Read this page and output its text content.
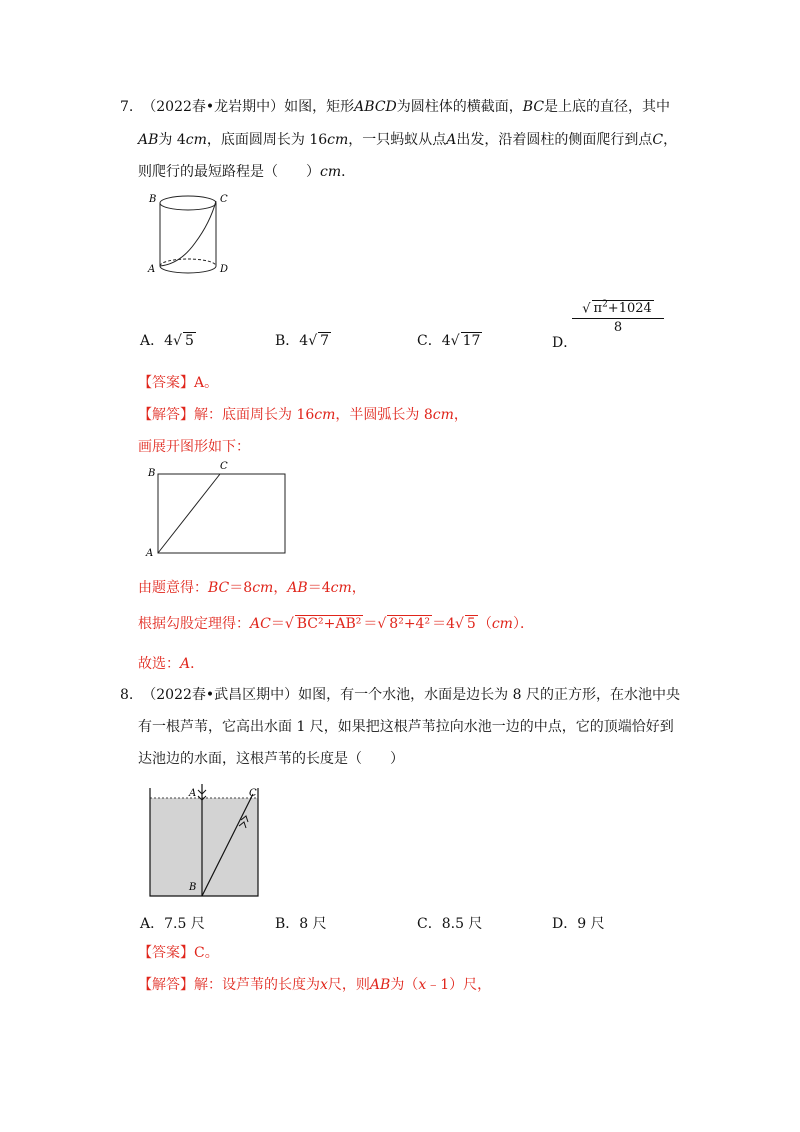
7. （2022春•龙岩期中）如图，矩形ABCD为圆柱体的横截面，BC是上底的直径，其中
AB为 4cm，底面圆周长为 16cm，一只蚂蚁从点A出发，沿着圆柱的侧面爬行到点C，
则爬行的最短路程是（　　）cm．
B	C
A	D
A．4√ 5	B．4√ 7	C．4√ 17	D．
√ $\pi^2+1024$
8
【答案】A。
【解答】解：底面周长为 16cm，半圆弧长为 8cm，
画展开图形如下：
B
C
A
由题意得：BC＝8cm，AB＝4cm，
根据勾股定理得：AC＝√ BC²+AB² ＝√ 8²+4² ＝4√ 5 （cm）．
故选：A．
8. （2022春•武昌区期中）如图，有一个水池，水面是边长为 8 尺的正方形，在水池中央
有一根芦苇，它高出水面 1 尺，如果把这根芦苇拉向水池一边的中点，它的顶端恰好到
达池边的水面，这根芦苇的长度是（　　）
A	C
B
A．7.5 尺	B．8 尺	C．8.5 尺	D．9 尺
【答案】C。
【解答】解：设芦苇的长度为x尺，则AB为（x﹣1）尺，
